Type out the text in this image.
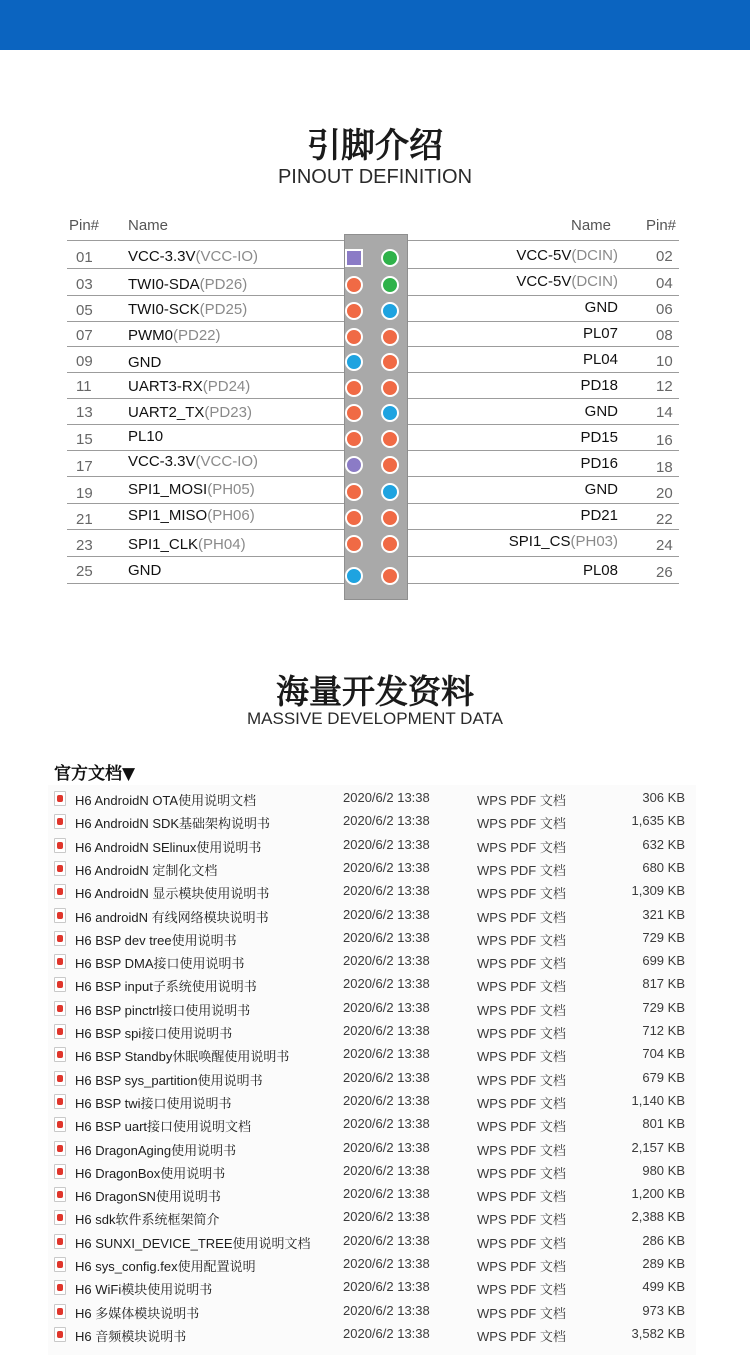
引脚介绍
PINOUT DEFINITION
Pin# Name	Name Pin#
01 VCC-3.3V(VCC-IO)	VCC-5V(DCIN)	02
03 TWI0-SDA(PD26)	VCC-5V(DCIN)	04
05 TWI0-SCK(PD25)	GND	06
07 PWM0(PD22)	PL07	08
09 GND	PL04	10
11 UART3-RX(PD24)	PD18	12
13 UART2_TX(PD23)	GND	14
15 PL10	PD15	16
17 VCC-3.3V(VCC-IO)	PD16	18
19 SPI1_MOSI(PH05)	GND	20
21 SPI1_MISO(PH06)	PD21	22
23 SPI1_CLK(PH04)	SPI1_CS(PH03)	24
25 GND	PL08	26
海量开发资料
MASSIVE DEVELOPMENT DATA
官方文档▼
H6 AndroidN OTA使用说明文档	2020/6/2 13:38	WPS PDF 文档	306 KB
H6 AndroidN SDK基础架构说明书	2020/6/2 13:38	WPS PDF 文档	1,635 KB
H6 AndroidN SElinux使用说明书	2020/6/2 13:38	WPS PDF 文档	632 KB
H6 AndroidN 定制化文档	2020/6/2 13:38	WPS PDF 文档	680 KB
H6 AndroidN 显示模块使用说明书	2020/6/2 13:38	WPS PDF 文档	1,309 KB
H6 androidN 有线网络模块说明书	2020/6/2 13:38	WPS PDF 文档	321 KB
H6 BSP dev tree使用说明书	2020/6/2 13:38	WPS PDF 文档	729 KB
H6 BSP DMA接口使用说明书	2020/6/2 13:38	WPS PDF 文档	699 KB
H6 BSP input子系统使用说明书	2020/6/2 13:38	WPS PDF 文档	817 KB
H6 BSP pinctrl接口使用说明书	2020/6/2 13:38	WPS PDF 文档	729 KB
H6 BSP spi接口使用说明书	2020/6/2 13:38	WPS PDF 文档	712 KB
H6 BSP Standby休眠唤醒使用说明书	2020/6/2 13:38	WPS PDF 文档	704 KB
H6 BSP sys_partition使用说明书	2020/6/2 13:38	WPS PDF 文档	679 KB
H6 BSP twi接口使用说明书	2020/6/2 13:38	WPS PDF 文档	1,140 KB
H6 BSP uart接口使用说明文档	2020/6/2 13:38	WPS PDF 文档	801 KB
H6 DragonAging使用说明书	2020/6/2 13:38	WPS PDF 文档	2,157 KB
H6 DragonBox使用说明书	2020/6/2 13:38	WPS PDF 文档	980 KB
H6 DragonSN使用说明书	2020/6/2 13:38	WPS PDF 文档	1,200 KB
H6 sdk软件系统框架简介	2020/6/2 13:38	WPS PDF 文档	2,388 KB
H6 SUNXI_DEVICE_TREE使用说明文档	2020/6/2 13:38	WPS PDF 文档	286 KB
H6 sys_config.fex使用配置说明	2020/6/2 13:38	WPS PDF 文档	289 KB
H6 WiFi模块使用说明书	2020/6/2 13:38	WPS PDF 文档	499 KB
H6 多媒体模块说明书	2020/6/2 13:38	WPS PDF 文档	973 KB
H6 音频模块说明书	2020/6/2 13:38	WPS PDF 文档	3,582 KB
